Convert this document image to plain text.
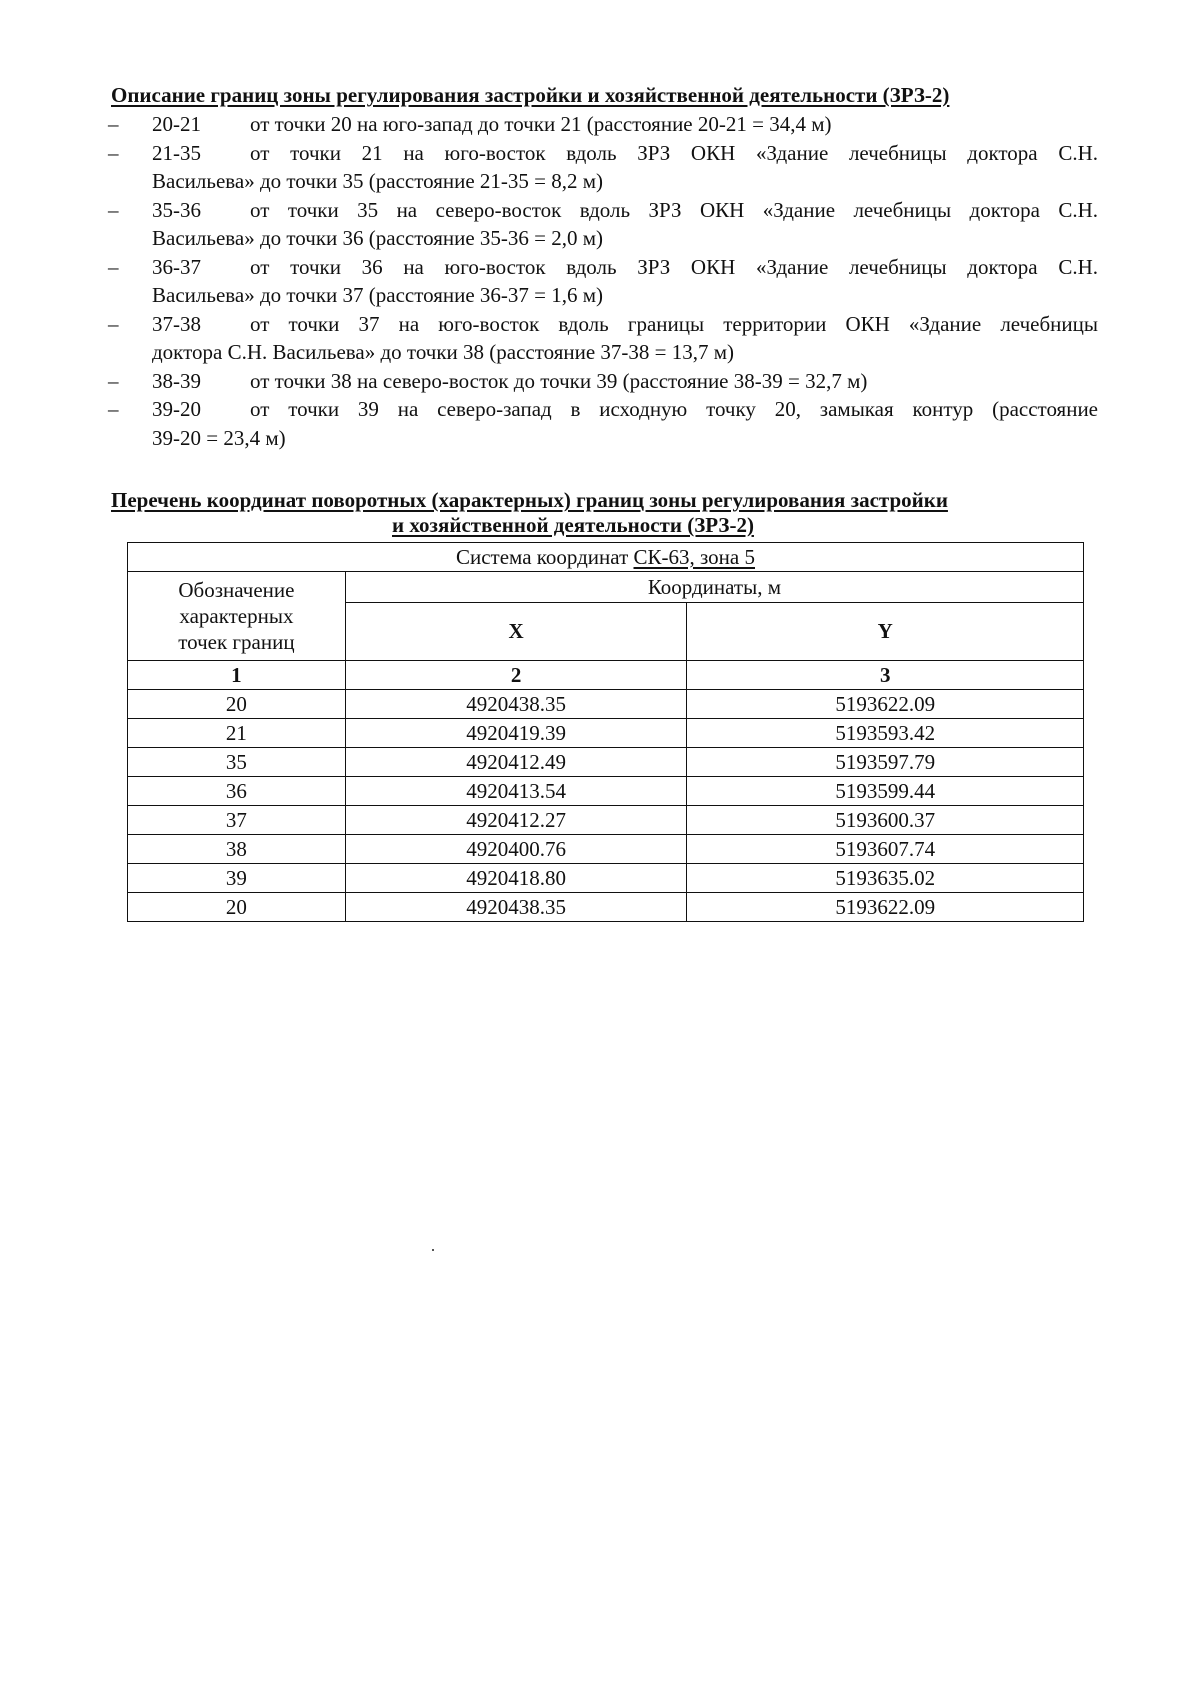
Описание границ зоны регулирования застройки и хозяйственной деятельности (ЗРЗ-2)
– 20-21 от точки 20 на юго-запад до точки 21 (расстояние 20-21 = 34,4 м)
– 21-35 от точки 21 на юго-восток вдоль ЗРЗ ОКН «Здание лечебницы доктора С.Н.
Васильева» до точки 35 (расстояние 21-35 = 8,2 м)
– 35-36 от точки 35 на северо-восток вдоль ЗРЗ ОКН «Здание лечебницы доктора С.Н.
Васильева» до точки 36 (расстояние 35-36 = 2,0 м)
– 36-37 от точки 36 на юго-восток вдоль ЗРЗ ОКН «Здание лечебницы доктора С.Н.
Васильева» до точки 37 (расстояние 36-37 = 1,6 м)
– 37-38 от точки 37 на юго-восток вдоль границы территории ОКН «Здание лечебницы
доктора С.Н. Васильева» до точки 38 (расстояние 37-38 = 13,7 м)
– 38-39 от точки 38 на северо-восток до точки 39 (расстояние 38-39 = 32,7 м)
– 39-20 от точки 39 на северо-запад в исходную точку 20, замыкая контур (расстояние
39-20 = 23,4 м)
Перечень координат поворотных (характерных) границ зоны регулирования застройки
и хозяйственной деятельности (ЗРЗ-2)
Система координат СК-63, зона 5		

Обозначение
характерных
точек границ	Координаты, м	
	X	Y
1	2	3
20	4920438.35	5193622.09
21	4920419.39	5193593.42
35	4920412.49	5193597.79
36	4920413.54	5193599.44
37	4920412.27	5193600.37
38	4920400.76	5193607.74
39	4920418.80	5193635.02
20	4920438.35	5193622.09
